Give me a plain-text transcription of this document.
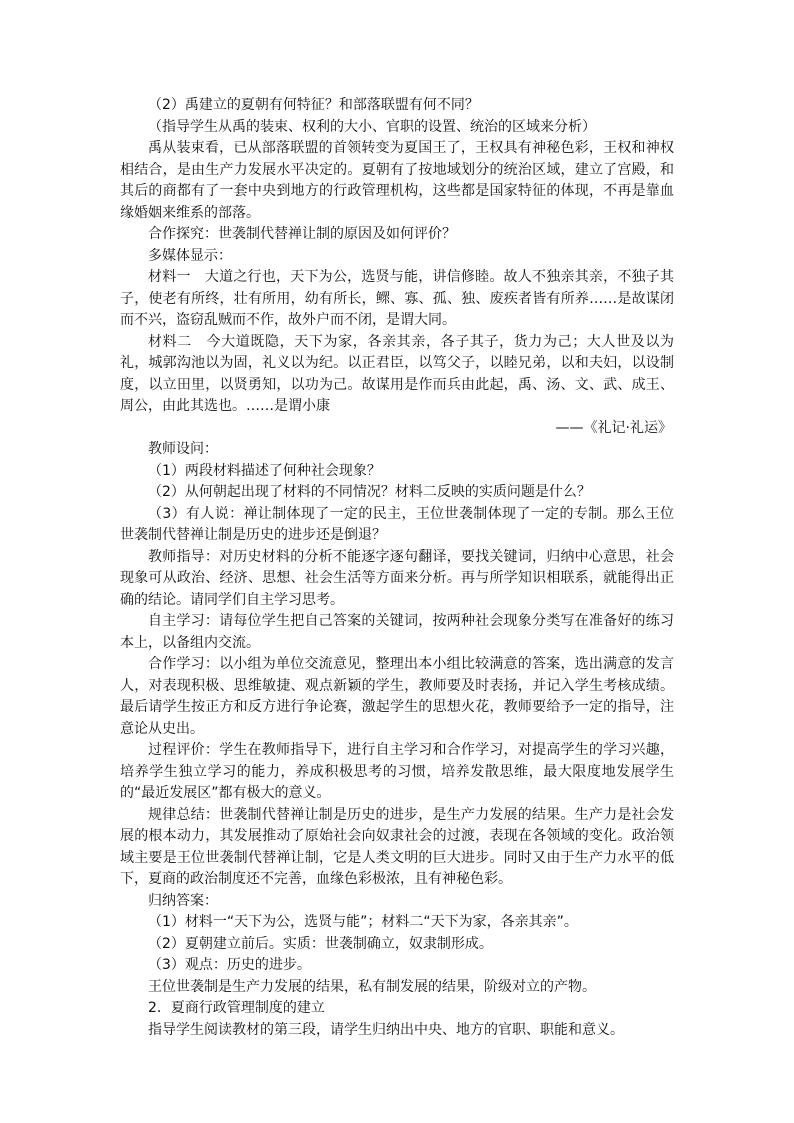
（2）禹建立的夏朝有何特征？和部落联盟有何不同？

（指导学生从禹的装束、权利的大小、官职的设置、统治的区域来分析）

禹从装束看，已从部落联盟的首领转变为夏国王了，王权具有神秘色彩，王权和神权相结合，是由生产力发展水平决定的。夏朝有了按地域划分的统治区域，建立了宫殿，和其后的商都有了一套中央到地方的行政管理机构，这些都是国家特征的体现，不再是靠血缘婚姻来维系的部落。

合作探究：世袭制代替禅让制的原因及如何评价？

多媒体显示：

材料一　大道之行也，天下为公，选贤与能，讲信修睦。故人不独亲其亲，不独子其子，使老有所终，壮有所用，幼有所长，鳏、寡、孤、独、废疾者皆有所养……是故谋闭而不兴，盗窃乱贼而不作，故外户而不闭，是谓大同。

材料二　今大道既隐，天下为家，各亲其亲，各子其子，货力为己；大人世及以为礼，城郭沟池以为固，礼义以为纪。以正君臣，以笃父子，以睦兄弟，以和夫妇，以设制度，以立田里，以贤勇知，以功为己。故谋用是作而兵由此起，禹、汤、文、武、成王、周公，由此其选也。……是谓小康

——《礼记·礼运》

教师设问：

（1）两段材料描述了何种社会现象？

（2）从何朝起出现了材料的不同情况？材料二反映的实质问题是什么？

（3）有人说：禅让制体现了一定的民主，王位世袭制体现了一定的专制。那么王位世袭制代替禅让制是历史的进步还是倒退？

教师指导：对历史材料的分析不能逐字逐句翻译，要找关键词，归纳中心意思，社会现象可从政治、经济、思想、社会生活等方面来分析。再与所学知识相联系，就能得出正确的结论。请同学们自主学习思考。

自主学习：请每位学生把自己答案的关键词，按两种社会现象分类写在准备好的练习本上，以备组内交流。

合作学习：以小组为单位交流意见，整理出本小组比较满意的答案，选出满意的发言人，对表现积极、思维敏捷、观点新颖的学生，教师要及时表扬，并记入学生考核成绩。最后请学生按正方和反方进行争论赛，激起学生的思想火花，教师要给予一定的指导，注意论从史出。

过程评价：学生在教师指导下，进行自主学习和合作学习，对提高学生的学习兴趣，培养学生独立学习的能力，养成积极思考的习惯，培养发散思维，最大限度地发展学生的“最近发展区”都有极大的意义。

规律总结：世袭制代替禅让制是历史的进步，是生产力发展的结果。生产力是社会发展的根本动力，其发展推动了原始社会向奴隶社会的过渡，表现在各领域的变化。政治领域主要是王位世袭制代替禅让制，它是人类文明的巨大进步。同时又由于生产力水平的低下，夏商的政治制度还不完善，血缘色彩极浓，且有神秘色彩。

归纳答案：

（1）材料一“天下为公，选贤与能”；材料二“天下为家，各亲其亲”。

（2）夏朝建立前后。实质：世袭制确立，奴隶制形成。

（3）观点：历史的进步。

王位世袭制是生产力发展的结果，私有制发展的结果，阶级对立的产物。

2．夏商行政管理制度的建立

指导学生阅读教材的第三段，请学生归纳出中央、地方的官职、职能和意义。
